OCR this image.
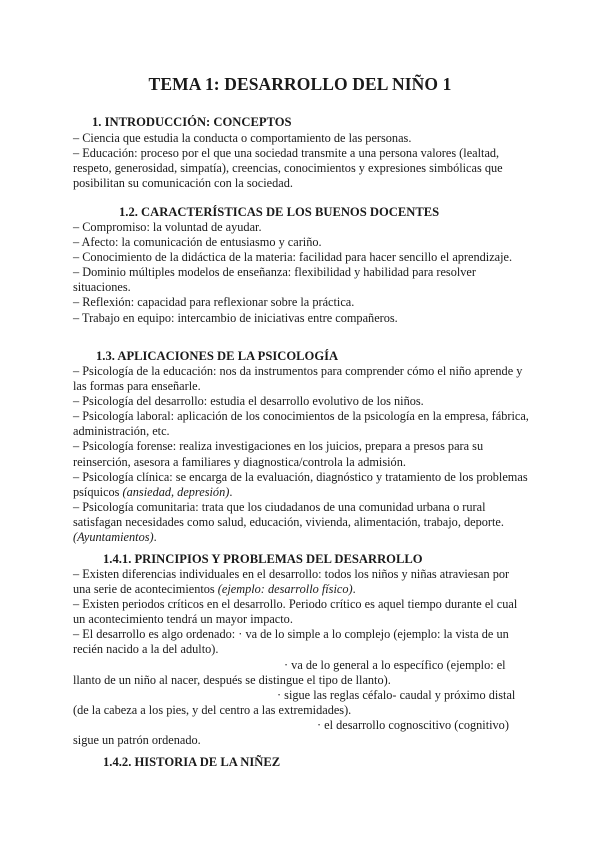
TEMA 1: DESARROLLO DEL NIÑO 1
1. INTRODUCCIÓN: CONCEPTOS

– Ciencia que estudia la conducta o comportamiento de las personas.

– Educación: proceso por el que una sociedad transmite a una persona valores (lealtad, respeto, generosidad, simpatía), creencias, conocimientos y expresiones simbólicas que posibilitan su comunicación con la sociedad.

1.2. CARACTERÍSTICAS DE LOS BUENOS DOCENTES

– Compromiso: la voluntad de ayudar.

– Afecto: la comunicación de entusiasmo y cariño.

– Conocimiento de la didáctica de la materia: facilidad para hacer sencillo el aprendizaje.

– Dominio múltiples modelos de enseñanza: flexibilidad y habilidad para resolver situaciones.

– Reflexión: capacidad para reflexionar sobre la práctica.

– Trabajo en equipo: intercambio de iniciativas entre compañeros.

1.3. APLICACIONES DE LA PSICOLOGÍA

– Psicología de la educación: nos da instrumentos para comprender cómo el niño aprende y las formas para enseñarle.

– Psicología del desarrollo: estudia el desarrollo evolutivo de los niños.

– Psicología laboral: aplicación de los conocimientos de la psicología en la empresa, fábrica, administración, etc.

– Psicología forense: realiza investigaciones en los juicios, prepara a presos para su reinserción, asesora a familiares y diagnostica/controla la admisión.

– Psicología clínica: se encarga de la evaluación, diagnóstico y tratamiento de los problemas psíquicos (ansiedad, depresión).

– Psicología comunitaria: trata que los ciudadanos de una comunidad urbana o rural satisfagan necesidades como salud, educación, vivienda, alimentación, trabajo, deporte. (Ayuntamientos).

1.4.1. PRINCIPIOS Y PROBLEMAS DEL DESARROLLO

– Existen diferencias individuales en el desarrollo: todos los niños y niñas atraviesan por una serie de acontecimientos (ejemplo: desarrollo físico).

– Existen periodos críticos en el desarrollo. Periodo crítico es aquel tiempo durante el cual un acontecimiento tendrá un mayor impacto.

– El desarrollo es algo ordenado: · va de lo simple a lo complejo (ejemplo: la vista de un recién nacido a la del adulto).

· va de lo general a lo específico (ejemplo: el llanto de un niño al nacer, después se distingue el tipo de llanto).

· sigue las reglas céfalo- caudal y próximo distal (de la cabeza a los pies, y del centro a las extremidades).

· el desarrollo cognoscitivo (cognitivo) sigue un patrón ordenado.

1.4.2. HISTORIA DE LA NIÑEZ
